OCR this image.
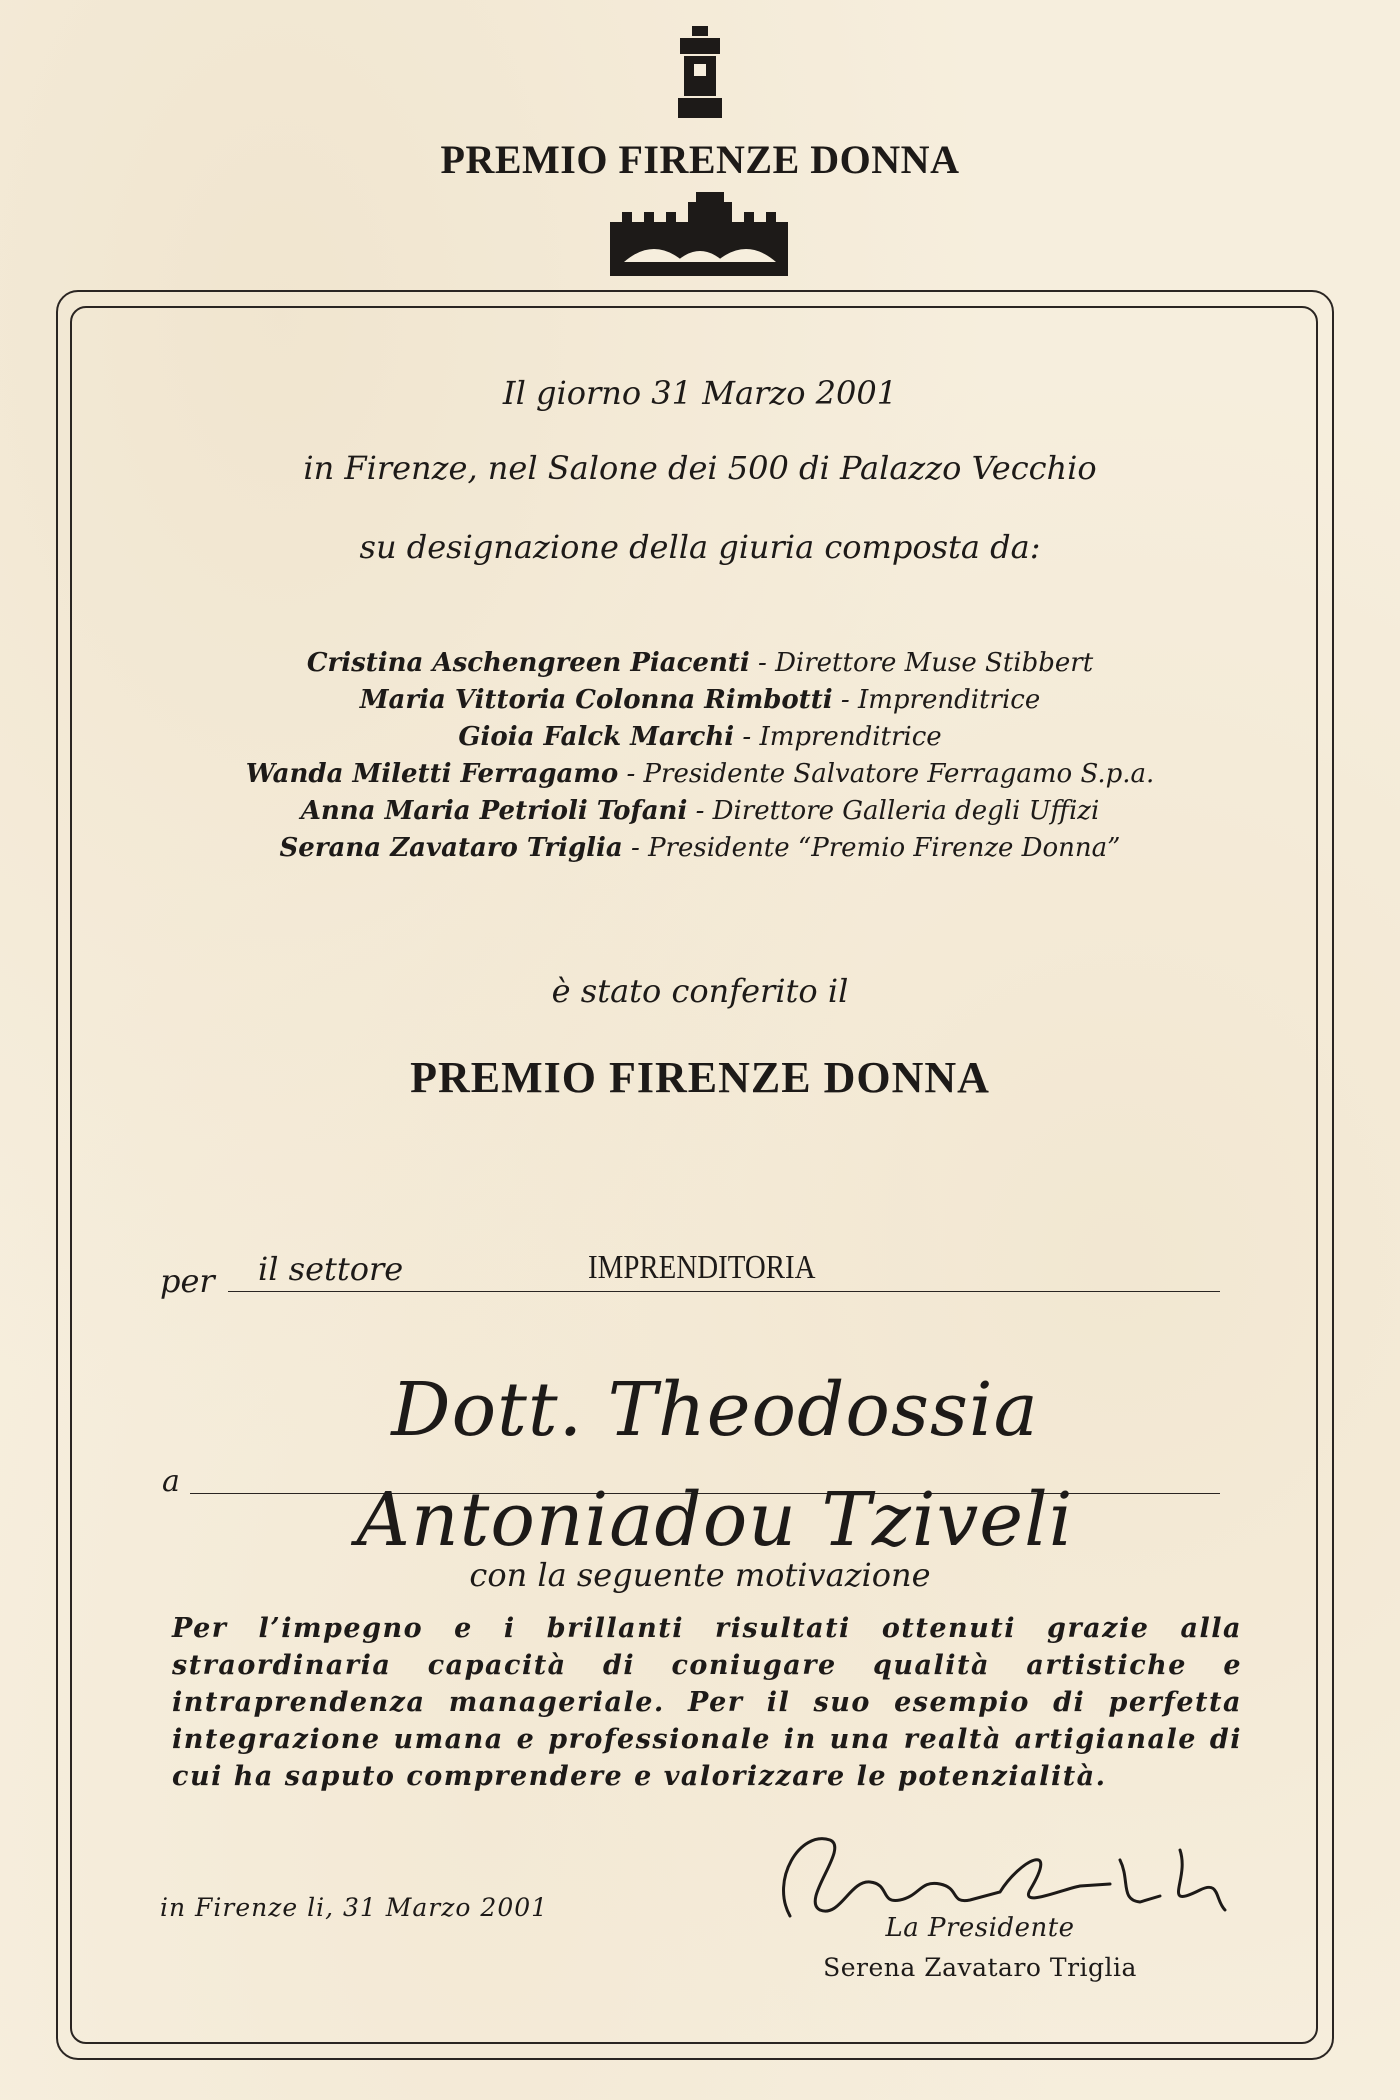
PREMIO FIRENZE DONNA
Il giorno 31 Marzo 2001
in Firenze, nel Salone dei 500 di Palazzo Vecchio
su designazione della giuria composta da:
Cristina Aschengreen Piacenti - Direttore Muse Stibbert
Maria Vittoria Colonna Rimbotti - Imprenditrice
Gioia Falck Marchi - Imprenditrice
Wanda Miletti Ferragamo - Presidente Salvatore Ferragamo S.p.a.
Anna Maria Petrioli Tofani - Direttore Galleria degli Uffizi
Serana Zavataro Triglia - Presidente “Premio Firenze Donna”
è stato conferito il
PREMIO FIRENZE DONNA
per il settore	IMPRENDITORIA
a
Dott. Theodossia Antoniadou Tziveli
con la seguente motivazione
Per l’impegno e i brillanti risultati ottenuti grazie alla straordinaria capacità di coniugare qualità artistiche e intraprendenza manageriale. Per il suo esempio di perfetta integrazione umana e professionale in una realtà artigianale di cui ha saputo comprendere e valorizzare le potenzialità.
in Firenze li, 31 Marzo 2001
La Presidente
Serena Zavataro Triglia
